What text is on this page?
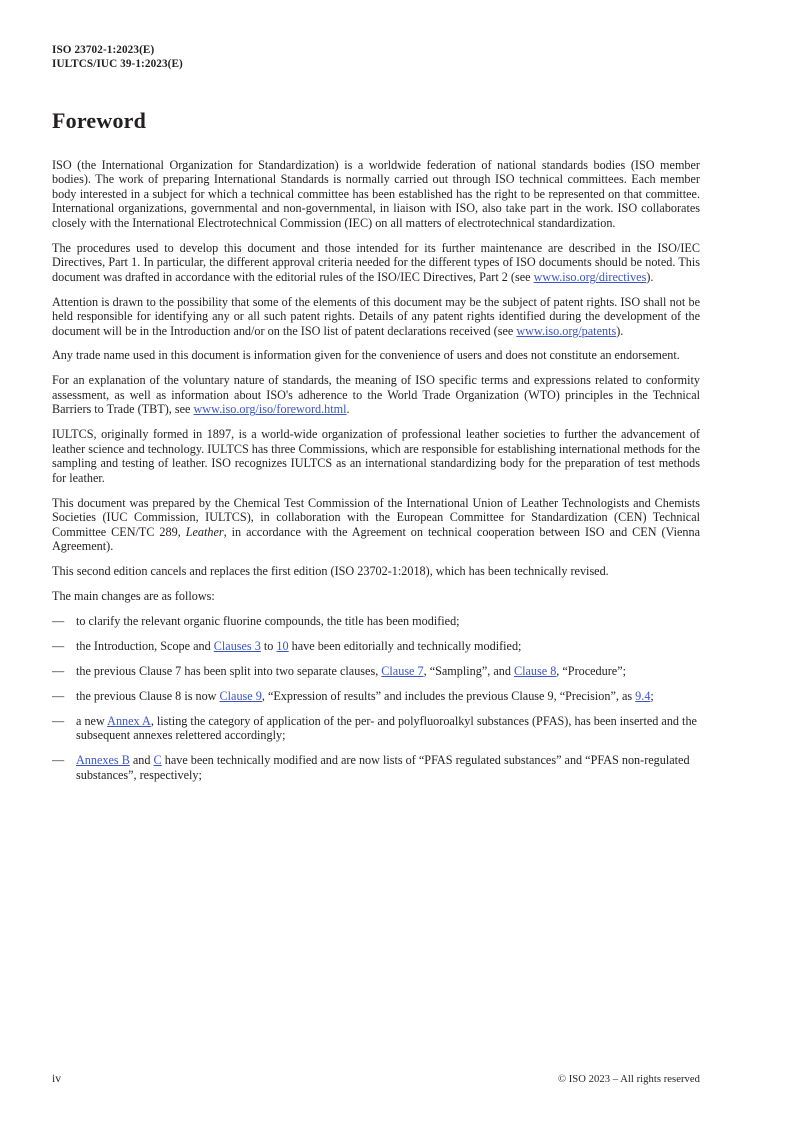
ISO 23702-1:2023(E)
IULTCS/IUC 39-1:2023(E)
Foreword

ISO (the International Organization for Standardization) is a worldwide federation of national standards bodies (ISO member bodies). The work of preparing International Standards is normally carried out through ISO technical committees. Each member body interested in a subject for which a technical committee has been established has the right to be represented on that committee. International organizations, governmental and non-governmental, in liaison with ISO, also take part in the work. ISO collaborates closely with the International Electrotechnical Commission (IEC) on all matters of electrotechnical standardization.

The procedures used to develop this document and those intended for its further maintenance are described in the ISO/IEC Directives, Part 1. In particular, the different approval criteria needed for the different types of ISO documents should be noted. This document was drafted in accordance with the editorial rules of the ISO/IEC Directives, Part 2 (see www.iso.org/directives).

Attention is drawn to the possibility that some of the elements of this document may be the subject of patent rights. ISO shall not be held responsible for identifying any or all such patent rights. Details of any patent rights identified during the development of the document will be in the Introduction and/or on the ISO list of patent declarations received (see www.iso.org/patents).

Any trade name used in this document is information given for the convenience of users and does not constitute an endorsement.

For an explanation of the voluntary nature of standards, the meaning of ISO specific terms and expressions related to conformity assessment, as well as information about ISO's adherence to the World Trade Organization (WTO) principles in the Technical Barriers to Trade (TBT), see www.iso.org/iso/foreword.html.

IULTCS, originally formed in 1897, is a world-wide organization of professional leather societies to further the advancement of leather science and technology. IULTCS has three Commissions, which are responsible for establishing international methods for the sampling and testing of leather. ISO recognizes IULTCS as an international standardizing body for the preparation of test methods for leather.

This document was prepared by the Chemical Test Commission of the International Union of Leather Technologists and Chemists Societies (IUC Commission, IULTCS), in collaboration with the European Committee for Standardization (CEN) Technical Committee CEN/TC 289, Leather, in accordance with the Agreement on technical cooperation between ISO and CEN (Vienna Agreement).

This second edition cancels and replaces the first edition (ISO 23702-1:2018), which has been technically revised.

The main changes are as follows:

— to clarify the relevant organic fluorine compounds, the title has been modified;
— the Introduction, Scope and Clauses 3 to 10 have been editorially and technically modified;
— the previous Clause 7 has been split into two separate clauses, Clause 7, “Sampling”, and Clause 8, “Procedure”;
— the previous Clause 8 is now Clause 9, “Expression of results” and includes the previous Clause 9, “Precision”, as 9.4;
— a new Annex A, listing the category of application of the per- and polyfluoroalkyl substances (PFAS), has been inserted and the subsequent annexes relettered accordingly;
— Annexes B and C have been technically modified and are now lists of “PFAS regulated substances” and “PFAS non-regulated substances”, respectively;
iv	© ISO 2023 – All rights reserved
